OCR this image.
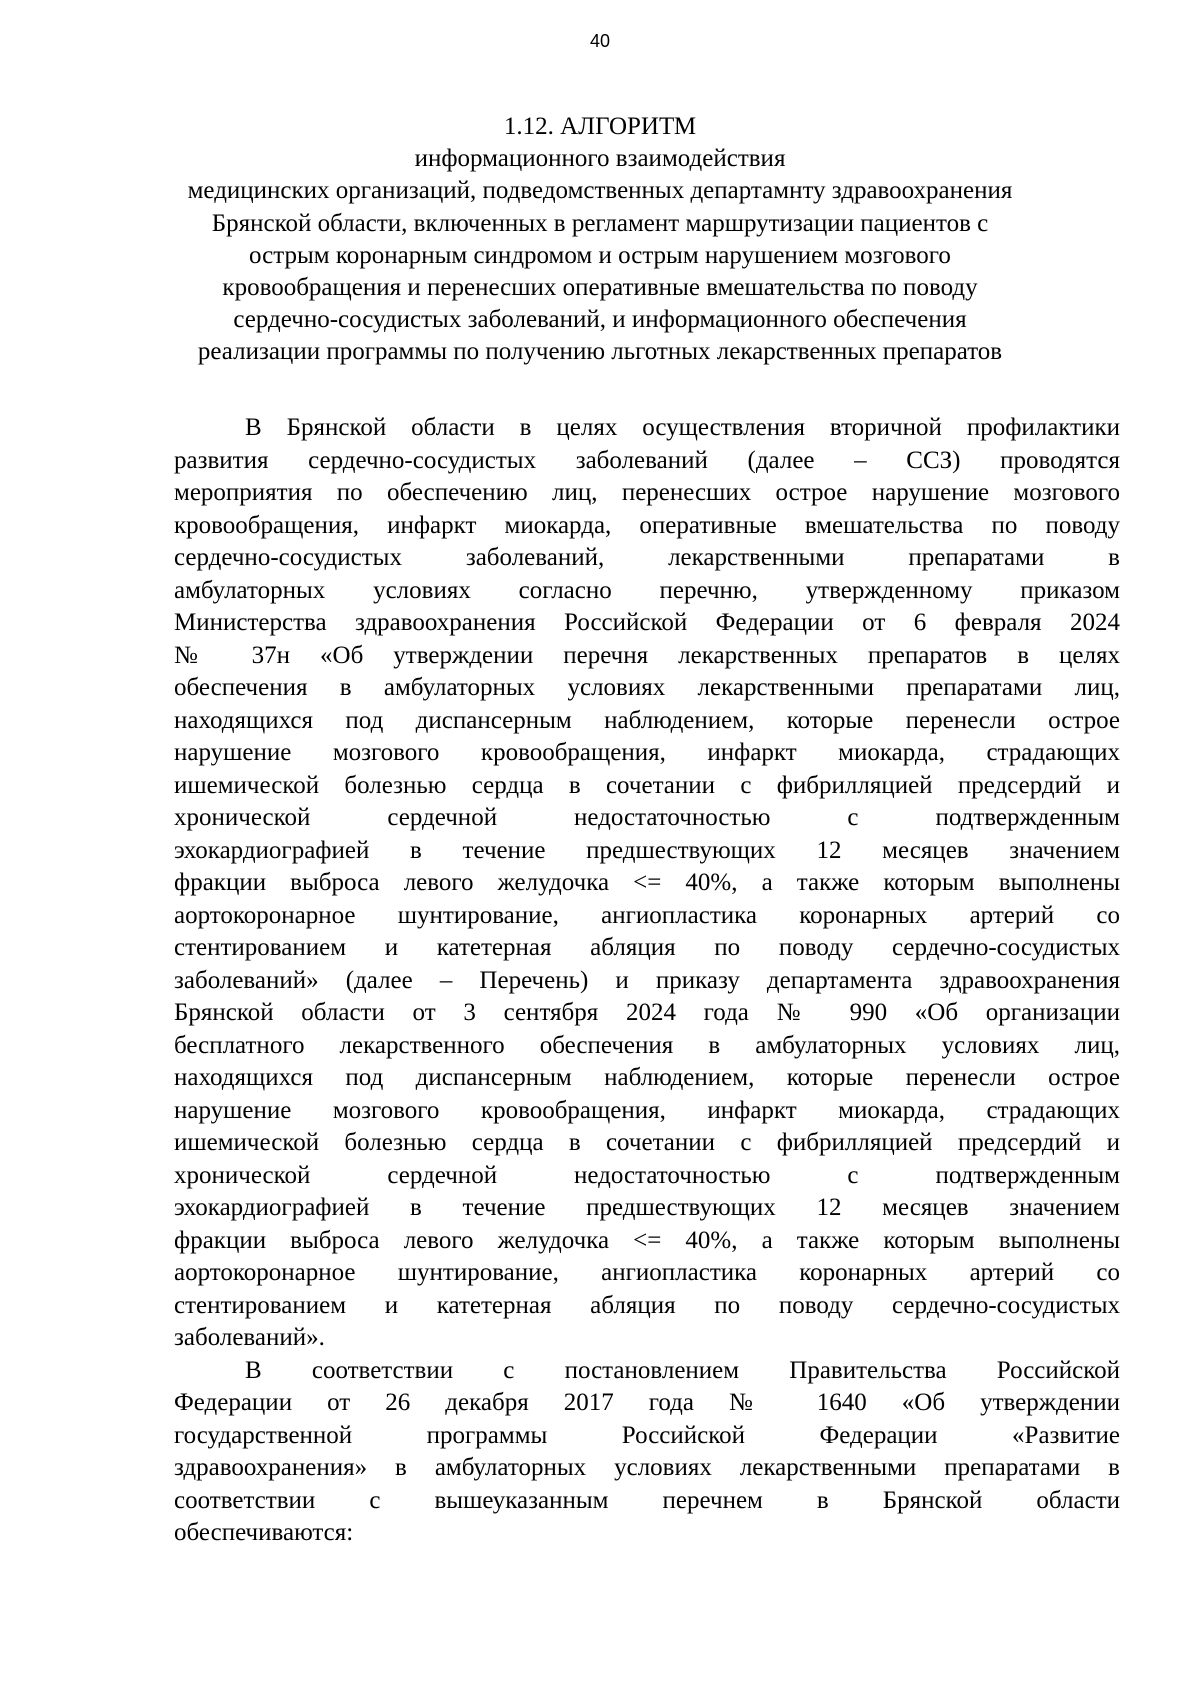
40
1.12. АЛГОРИТМ
информационного взаимодействия
медицинских организаций, подведомственных департамнту здравоохранения
Брянской области, включенных в регламент маршрутизации пациентов с
острым коронарным синдромом и острым нарушением мозгового
кровообращения и перенесших оперативные вмешательства по поводу
сердечно-сосудистых заболеваний, и информационного обеспечения
реализации программы по получению льготных лекарственных препаратов
В Брянской области в целях осуществления вторичной профилактики
развития сердечно-сосудистых заболеваний (далее – ССЗ) проводятся
мероприятия по обеспечению лиц, перенесших острое нарушение мозгового
кровообращения, инфаркт миокарда, оперативные вмешательства по поводу
сердечно-сосудистых заболеваний, лекарственными препаратами в
амбулаторных условиях согласно перечню, утвержденному приказом
Министерства здравоохранения Российской Федерации от 6 февраля 2024
№ 37н «Об утверждении перечня лекарственных препаратов в целях
обеспечения в амбулаторных условиях лекарственными препаратами лиц,
находящихся под диспансерным наблюдением, которые перенесли острое
нарушение мозгового кровообращения, инфаркт миокарда, страдающих
ишемической болезнью сердца в сочетании с фибрилляцией предсердий и
хронической сердечной недостаточностью с подтвержденным
эхокардиографией в течение предшествующих 12 месяцев значением
фракции выброса левого желудочка <= 40%, а также которым выполнены
аортокоронарное шунтирование, ангиопластика коронарных артерий со
стентированием и катетерная абляция по поводу сердечно-сосудистых
заболеваний» (далее – Перечень) и приказу департамента здравоохранения
Брянской области от 3 сентября 2024 года № 990 «Об организации
бесплатного лекарственного обеспечения в амбулаторных условиях лиц,
находящихся под диспансерным наблюдением, которые перенесли острое
нарушение мозгового кровообращения, инфаркт миокарда, страдающих
ишемической болезнью сердца в сочетании с фибрилляцией предсердий и
хронической сердечной недостаточностью с подтвержденным
эхокардиографией в течение предшествующих 12 месяцев значением
фракции выброса левого желудочка <= 40%, а также которым выполнены
аортокоронарное шунтирование, ангиопластика коронарных артерий со
стентированием и катетерная абляция по поводу сердечно-сосудистых
заболеваний».
В соответствии с постановлением Правительства Российской
Федерации от 26 декабря 2017 года № 1640 «Об утверждении
государственной программы Российской Федерации «Развитие
здравоохранения» в амбулаторных условиях лекарственными препаратами в
соответствии с вышеуказанным перечнем в Брянской области
обеспечиваются:
